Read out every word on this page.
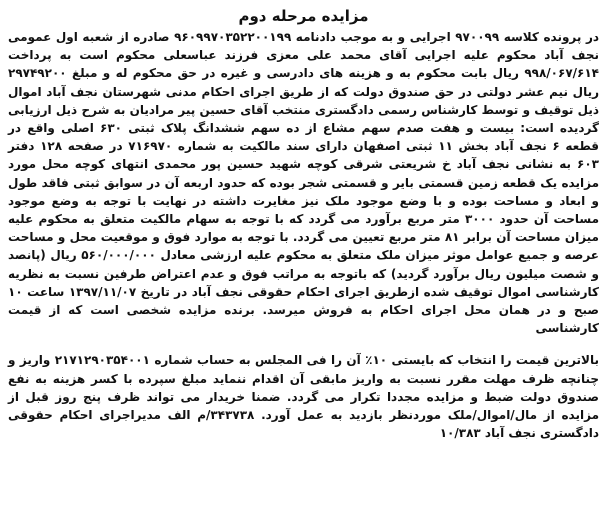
مزایده مرحله دوم

در پرونده کلاسه ۹۷۰۰۹۹ اجرایی و به موجب دادنامه ۹۶۰۹۹۷۰۳۵۲۲۰۰۱۹۹ صادره از شعبه اول عمومی نجف آباد محکوم علیه اجرایی آقای محمد علی معزی فرزند عباسعلی محکوم است به پرداخت ۹۹۸/۰۶۷/۶۱۴ ریال بابت محکوم به و هزینه های دادرسی و غیره در حق محکوم له و مبلغ ۲۹۷۴۹۲۰۰ ریال نیم عشر دولتی در حق صندوق دولت که از طریق اجرای احکام مدنی شهرستان نجف آباد اموال ذیل توقیف و توسط کارشناس رسمی دادگستری منتخب آقای حسین پیر مرادیان به شرح ذیل ارزیابی گردیده است: بیست و هفت صدم سهم مشاع از ده سهم ششدانگ پلاک ثبتی ۶۳۰ اصلی واقع در قطعه ۶ نجف آباد بخش ۱۱ ثبتی اصفهان دارای سند مالکیت به شماره ۷۱۶۹۷۰ در صفحه ۱۲۸ دفتر ۶۰۳ به نشانی نجف آباد خ شریعتی شرقی کوچه شهید حسین پور محمدی انتهای کوچه محل مورد مزایده یک قطعه زمین قسمتی بایر و قسمتی شجر بوده که حدود اربعه آن در سوابق ثبتی فاقد طول و ابعاد و مساحت بوده و با وضع موجود ملک نیز مغایرت داشته در نهایت با توجه به وضع موجود مساحت آن حدود ۳۰۰۰ متر مربع برآورد می گردد که با توجه به سهام مالکیت متعلق به محکوم علیه میزان مساحت آن برابر ۸۱ متر مربع تعیین می گردد. با توجه به موارد فوق و موقعیت محل و مساحت عرصه و جمیع عوامل موثر میزان ملک متعلق به محکوم علیه ارزشی معادل ۵۶۰/۰۰۰/۰۰۰ ریال (پانصد و شصت میلیون ریال برآورد گردید) که باتوجه به مراتب فوق و عدم اعتراض طرفین نسبت به نظریه کارشناسی اموال توقیف شده ازطریق اجرای احکام حقوقی نجف آباد در تاریخ ۱۳۹۷/۱۱/۰۷ ساعت ۱۰ صبح و در همان محل اجرای احکام به فروش میرسد. برنده مزایده شخصی است که از قیمت کارشناسی

بالاترین قیمت را انتخاب که بایستی ۱۰٪ آن را فی المجلس به حساب شماره ۲۱۷۱۲۹۰۳۵۴۰۰۱ واریز و چنانچه ظرف مهلت مقرر نسبت به واریز مابقی آن اقدام ننماید مبلغ سپرده با کسر هزینه به نفع صندوق دولت ضبط و مزایده مجددا تکرار می گردد. ضمنا خریدار می تواند ظرف پنج روز قبل از مزایده از مال/اموال/ملک موردنظر بازدید به عمل آورد. ۳۴۳۷۳۸/م الف مدیراجرای احکام حقوقی دادگستری نجف آباد ۱۰/۳۸۳
